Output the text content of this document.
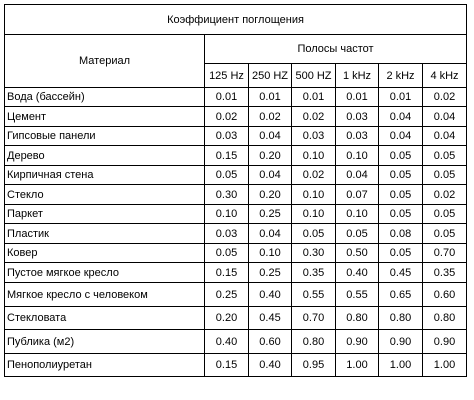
Коэффициент поглощения						
Материал	Полосы частот					
	125 Hz	250 HZ	500 HZ	1 kHz	2 kHz	4 kHz
Вода (бассейн)	0.01	0.01	0.01	0.01	0.01	0.02
Цемент	0.02	0.02	0.02	0.03	0.04	0.04
Гипсовые панели	0.03	0.04	0.03	0.03	0.04	0.04
Дерево	0.15	0.20	0.10	0.10	0.05	0.05
Кирпичная стена	0.05	0.04	0.02	0.04	0.05	0.05
Стекло	0.30	0.20	0.10	0.07	0.05	0.02
Паркет	0.10	0.25	0.10	0.10	0.05	0.05
Пластик	0.03	0.04	0.05	0.05	0.08	0.05
Ковер	0.05	0.10	0.30	0.50	0.05	0.70
Пустое мягкое кресло	0.15	0.25	0.35	0.40	0.45	0.35
Мягкое кресло с человеком	0.25	0.40	0.55	0.55	0.65	0.60
Стекловата	0.20	0.45	0.70	0.80	0.80	0.80
Публика (м2)	0.40	0.60	0.80	0.90	0.90	0.90
Пенополиуретан	0.15	0.40	0.95	1.00	1.00	1.00
